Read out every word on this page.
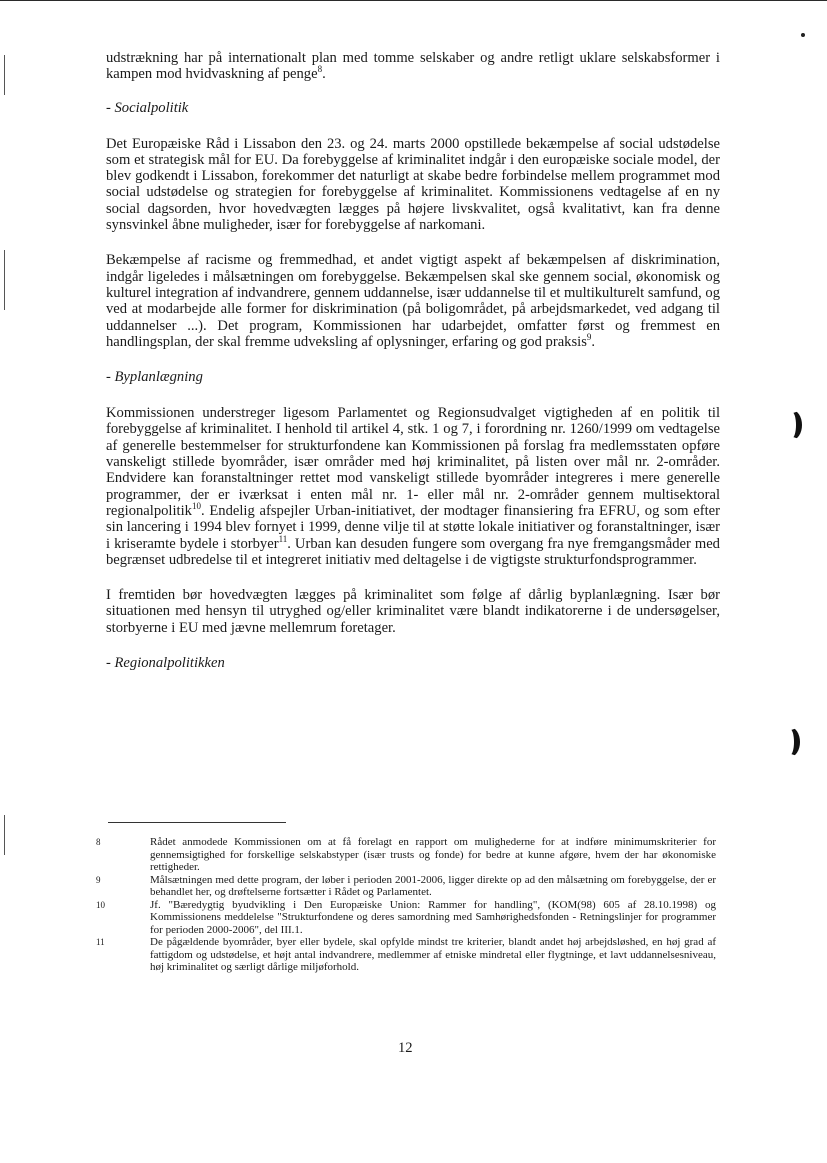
udstrækning har på internationalt plan med tomme selskaber og andre retligt uklare selskabsformer i kampen mod hvidvaskning af penge$^8$.

- Socialpolitik

Det Europæiske Råd i Lissabon den 23. og 24. marts 2000 opstillede bekæmpelse af social udstødelse som et strategisk mål for EU. Da forebyggelse af kriminalitet indgår i den europæiske sociale model, der blev godkendt i Lissabon, forekommer det naturligt at skabe bedre forbindelse mellem programmet mod social udstødelse og strategien for forebyggelse af kriminalitet. Kommissionens vedtagelse af en ny social dagsorden, hvor hovedvægten lægges på højere livskvalitet, også kvalitativt, kan fra denne synsvinkel åbne muligheder, især for forebyggelse af narkomani.

Bekæmpelse af racisme og fremmedhad, et andet vigtigt aspekt af bekæmpelsen af diskrimination, indgår ligeledes i målsætningen om forebyggelse. Bekæmpelsen skal ske gennem social, økonomisk og kulturel integration af indvandrere, gennem uddannelse, især uddannelse til et multikulturelt samfund, og ved at modarbejde alle former for diskrimination (på boligområdet, på arbejdsmarkedet, ved adgang til uddannelser ...). Det program, Kommissionen har udarbejdet, omfatter først og fremmest en handlingsplan, der skal fremme udveksling af oplysninger, erfaring og god praksis$^9$.

- Byplanlægning

Kommissionen understreger ligesom Parlamentet og Regionsudvalget vigtigheden af en politik til forebyggelse af kriminalitet. I henhold til artikel 4, stk. 1 og 7, i forordning nr. 1260/1999 om vedtagelse af generelle bestemmelser for strukturfondene kan Kommissionen på forslag fra medlemsstaten opføre vanskeligt stillede byområder, især områder med høj kriminalitet, på listen over mål nr. 2-områder. Endvidere kan foranstaltninger rettet mod vanskeligt stillede byområder integreres i mere generelle programmer, der er iværksat i enten mål nr. 1- eller mål nr. 2-områder gennem multisektoral regionalpolitik$^{10}$. Endelig afspejler Urban-initiativet, der modtager finansiering fra EFRU, og som efter sin lancering i 1994 blev fornyet i 1999, denne vilje til at støtte lokale initiativer og foranstaltninger, især i kriseramte bydele i storbyer$^{11}$. Urban kan desuden fungere som overgang fra nye fremgangsmåder med begrænset udbredelse til et integreret initiativ med deltagelse i de vigtigste strukturfondsprogrammer.

I fremtiden bør hovedvægten lægges på kriminalitet som følge af dårlig byplanlægning. Især bør situationen med hensyn til utryghed og/eller kriminalitet være blandt indikatorerne i de undersøgelser, storbyerne i EU med jævne mellemrum foretager.

- Regionalpolitikken
8	Rådet anmodede Kommissionen om at få forelagt en rapport om mulighederne for at indføre minimumskriterier for gennemsigtighed for forskellige selskabstyper (især trusts og fonde) for bedre at kunne afgøre, hvem der har økonomiske rettigheder.
9	Målsætningen med dette program, der løber i perioden 2001-2006, ligger direkte op ad den målsætning om forebyggelse, der er behandlet her, og drøftelserne fortsætter i Rådet og Parlamentet.
10	Jf. "Bæredygtig byudvikling i Den Europæiske Union: Rammer for handling", (KOM(98) 605 af 28.10.1998) og Kommissionens meddelelse "Strukturfondene og deres samordning med Samhørighedsfonden - Retningslinjer for programmer for perioden 2000-2006", del III.1.
11	De pågældende byområder, byer eller bydele, skal opfylde mindst tre kriterier, blandt andet høj arbejdsløshed, en høj grad af fattigdom og udstødelse, et højt antal indvandrere, medlemmer af etniske mindretal eller flygtninge, et lavt uddannelsesniveau, høj kriminalitet og særligt dårlige miljøforhold.
12
